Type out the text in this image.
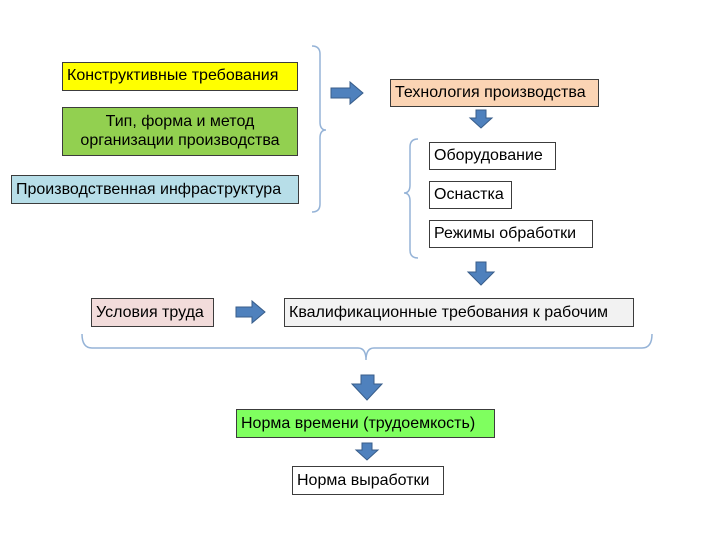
Конструктивные требования
Тип, форма и метод организации производства
Производственная инфраструктура
Технология производства
Оборудование
Оснастка
Режимы обработки
Условия труда	Квалификационные требования к рабочим
Норма времени (трудоемкость)
Норма выработки
